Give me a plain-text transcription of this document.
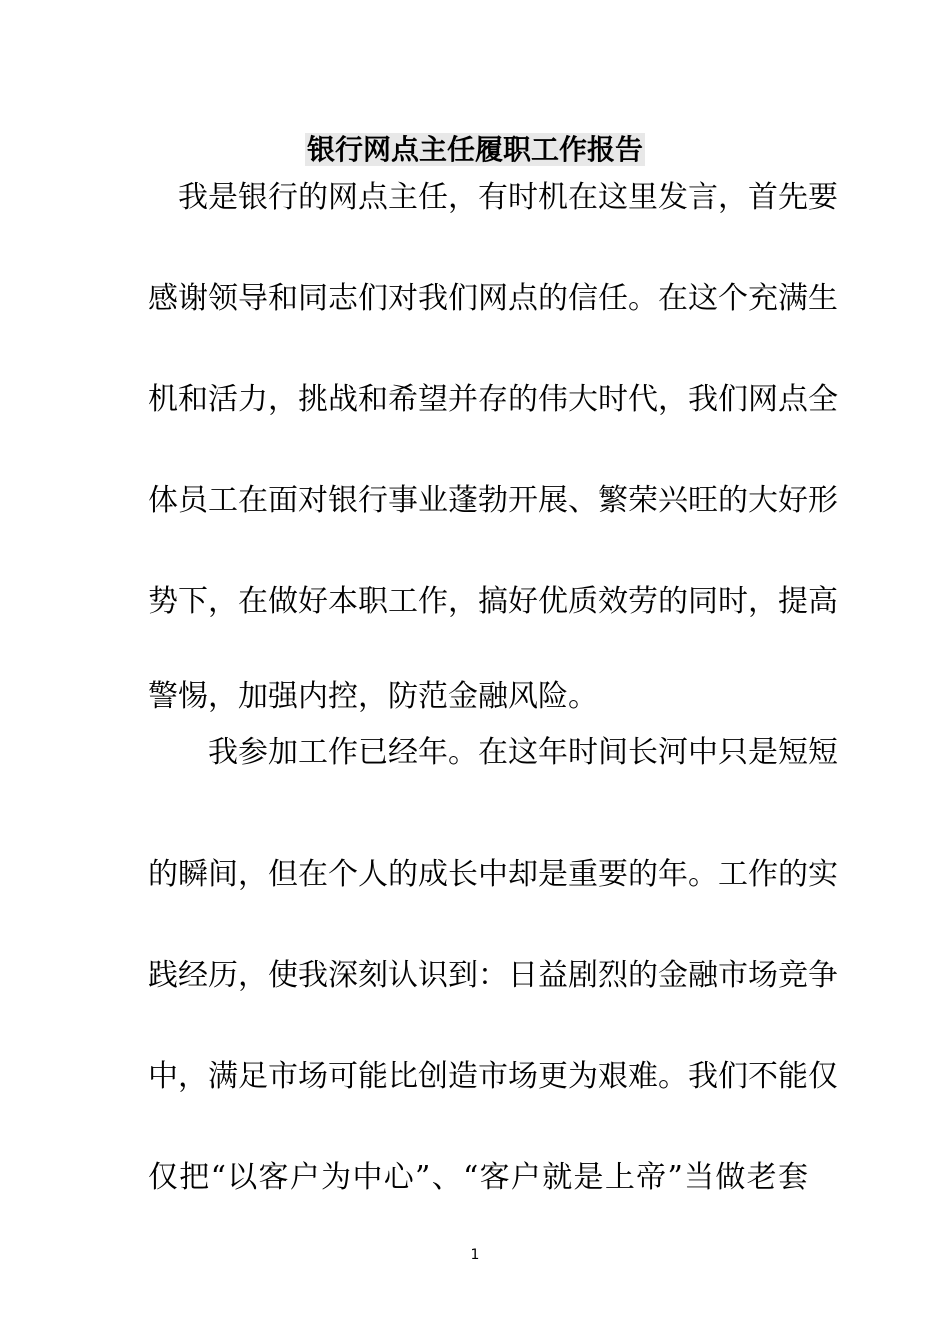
银行网点主任履职工作报告
　我是银行的网点主任，有时机在这里发言，首先要
感谢领导和同志们对我们网点的信任。在这个充满生
机和活力，挑战和希望并存的伟大时代，我们网点全
体员工在面对银行事业蓬勃开展、繁荣兴旺的大好形
势下，在做好本职工作，搞好优质效劳的同时，提高
警惕，加强内控，防范金融风险。
　　我参加工作已经年。在这年时间长河中只是短短
的瞬间，但在个人的成长中却是重要的年。工作的实
践经历，使我深刻认识到：日益剧烈的金融市场竞争
中，满足市场可能比创造市场更为艰难。我们不能仅
仅把“以客户为中心”、“客户就是上帝”当做老套
1
